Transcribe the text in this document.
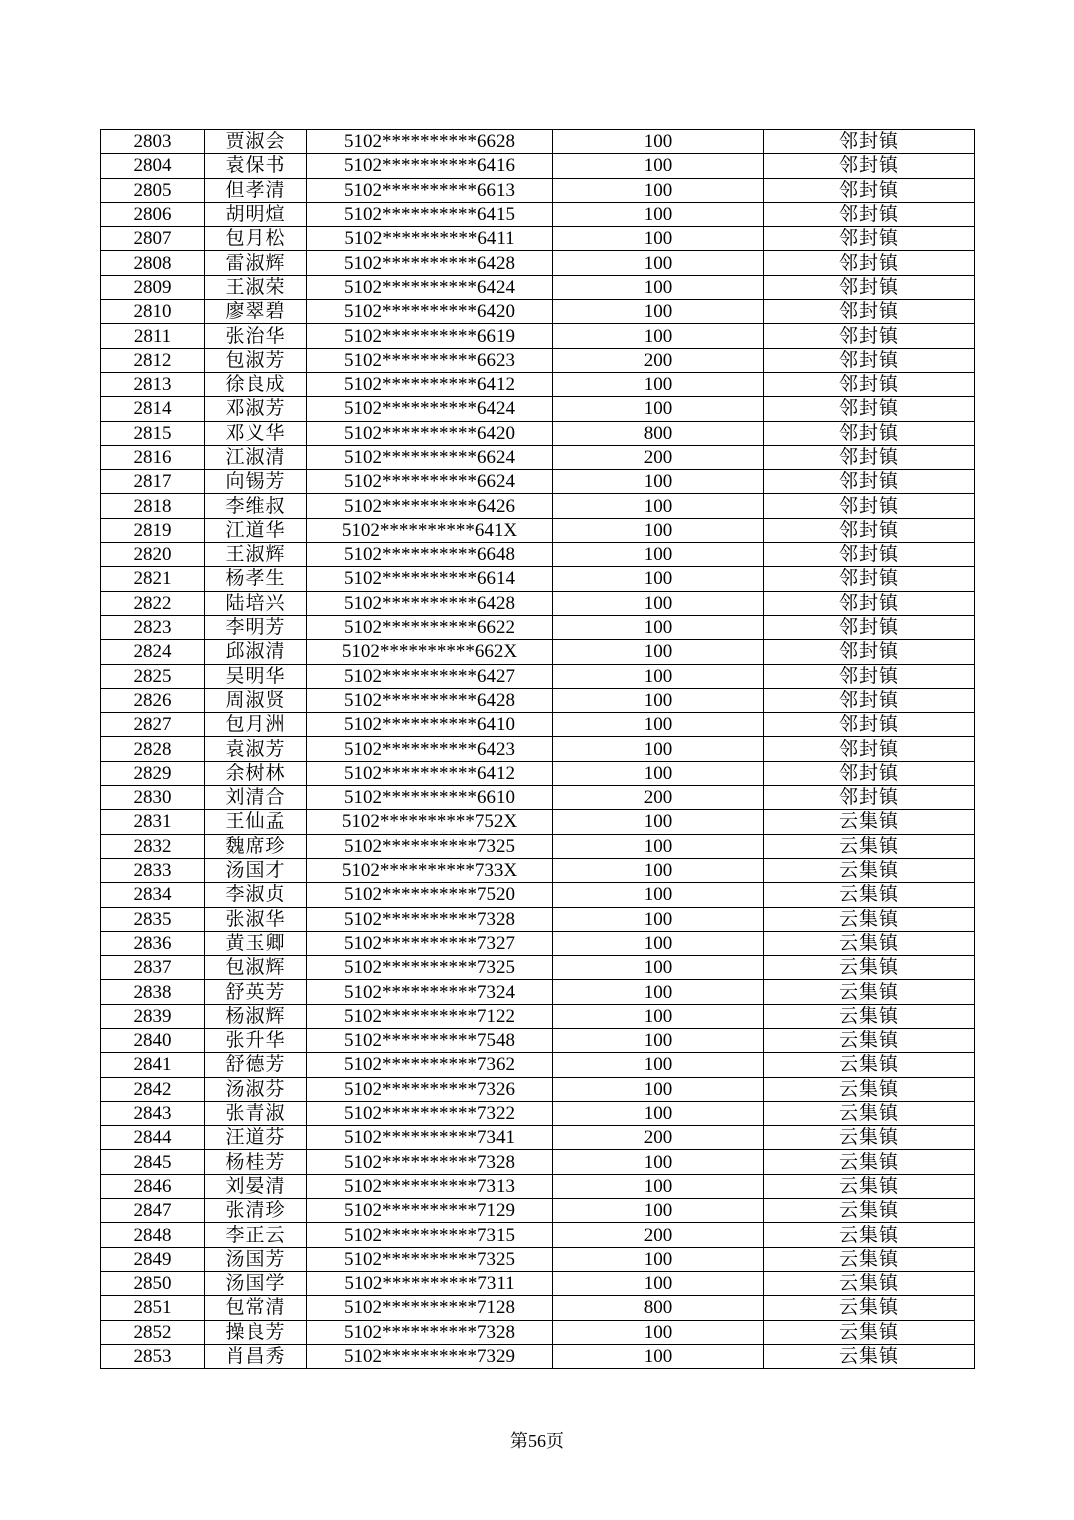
2803	贾淑会	5102**********6628	100	邻封镇
2804	袁保书	5102**********6416	100	邻封镇
2805	但孝清	5102**********6613	100	邻封镇
2806	胡明煊	5102**********6415	100	邻封镇
2807	包月松	5102**********6411	100	邻封镇
2808	雷淑辉	5102**********6428	100	邻封镇
2809	王淑荣	5102**********6424	100	邻封镇
2810	廖翠碧	5102**********6420	100	邻封镇
2811	张治华	5102**********6619	100	邻封镇
2812	包淑芳	5102**********6623	200	邻封镇
2813	徐良成	5102**********6412	100	邻封镇
2814	邓淑芳	5102**********6424	100	邻封镇
2815	邓义华	5102**********6420	800	邻封镇
2816	江淑清	5102**********6624	200	邻封镇
2817	向锡芳	5102**********6624	100	邻封镇
2818	李维叔	5102**********6426	100	邻封镇
2819	江道华	5102**********641X	100	邻封镇
2820	王淑辉	5102**********6648	100	邻封镇
2821	杨孝生	5102**********6614	100	邻封镇
2822	陆培兴	5102**********6428	100	邻封镇
2823	李明芳	5102**********6622	100	邻封镇
2824	邱淑清	5102**********662X	100	邻封镇
2825	吴明华	5102**********6427	100	邻封镇
2826	周淑贤	5102**********6428	100	邻封镇
2827	包月洲	5102**********6410	100	邻封镇
2828	袁淑芳	5102**********6423	100	邻封镇
2829	余树林	5102**********6412	100	邻封镇
2830	刘清合	5102**********6610	200	邻封镇
2831	王仙孟	5102**********752X	100	云集镇
2832	魏席珍	5102**********7325	100	云集镇
2833	汤国才	5102**********733X	100	云集镇
2834	李淑贞	5102**********7520	100	云集镇
2835	张淑华	5102**********7328	100	云集镇
2836	黄玉卿	5102**********7327	100	云集镇
2837	包淑辉	5102**********7325	100	云集镇
2838	舒英芳	5102**********7324	100	云集镇
2839	杨淑辉	5102**********7122	100	云集镇
2840	张升华	5102**********7548	100	云集镇
2841	舒德芳	5102**********7362	100	云集镇
2842	汤淑芬	5102**********7326	100	云集镇
2843	张青淑	5102**********7322	100	云集镇
2844	汪道芬	5102**********7341	200	云集镇
2845	杨桂芳	5102**********7328	100	云集镇
2846	刘晏清	5102**********7313	100	云集镇
2847	张清珍	5102**********7129	100	云集镇
2848	李正云	5102**********7315	200	云集镇
2849	汤国芳	5102**********7325	100	云集镇
2850	汤国学	5102**********7311	100	云集镇
2851	包常清	5102**********7128	800	云集镇
2852	操良芳	5102**********7328	100	云集镇
2853	肖昌秀	5102**********7329	100	云集镇
第56页
